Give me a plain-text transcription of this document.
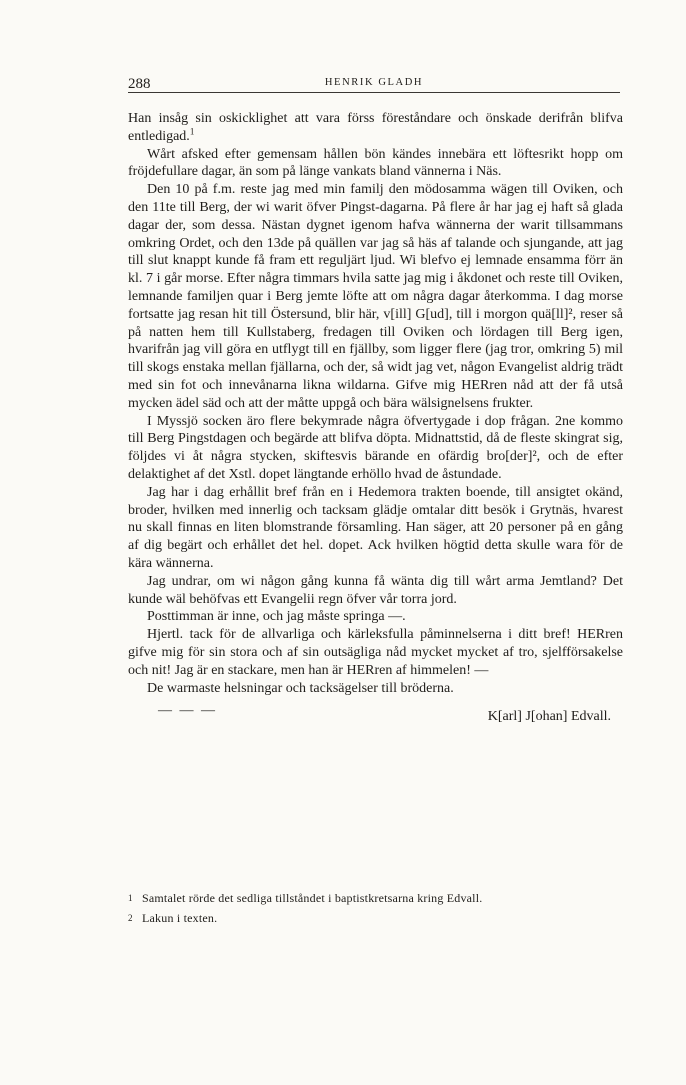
288	HENRIK GLADH

Han insåg sin oskicklighet att vara förss föreståndare och önskade derifrån blifva entledigad.$^1$

Wårt afsked efter gemensam hållen bön kändes innebära ett löftesrikt hopp om fröjdefullare dagar, än som på länge vankats bland vännerna i Näs.

Den 10 på f.m. reste jag med min familj den mödosamma wägen till Oviken, och den 11te till Berg, der wi warit öfver Pingst-dagarna. På flere år har jag ej haft så glada dagar der, som dessa. Nästan dygnet igenom hafva wännerna der warit tillsammans omkring Ordet, och den 13de på quällen var jag så häs af talande och sjungande, att jag till slut knappt kunde få fram ett reguljärt ljud. Wi blefvo ej lemnade ensamma förr än kl. 7 i går morse. Efter några timmars hvila satte jag mig i åkdonet och reste till Oviken, lemnande familjen quar i Berg jemte löfte att om några dagar återkomma. I dag morse fortsatte jag resan hit till Östersund, blir här, v[ill] G[ud], till i morgon quä[ll]², reser så på natten hem till Kullstaberg, fredagen till Oviken och lördagen till Berg igen, hvarifrån jag vill göra en utflygt till en fjällby, som ligger flere (jag tror, omkring 5) mil till skogs enstaka mellan fjällarna, och der, så widt jag vet, någon Evangelist aldrig trädt med sin fot och innevånarna likna wildarna. Gifve mig HERren nåd att der få utså mycken ädel säd och att der måtte uppgå och bära wälsignelsens frukter.

I Myssjö socken äro flere bekymrade några öfvertygade i dop frågan. 2ne kommo till Berg Pingstdagen och begärde att blifva döpta. Midnattstid, då de fleste skingrat sig, följdes vi åt några stycken, skiftesvis bärande en ofärdig bro[der]², och de efter delaktighet af det Xstl. dopet längtande erhöllo hvad de åstundade.

Jag har i dag erhållit bref från en i Hedemora trakten boende, till ansigtet okänd, broder, hvilken med innerlig och tacksam glädje omtalar ditt besök i Grytnäs, hvarest nu skall finnas en liten blomstrande församling. Han säger, att 20 personer på en gång af dig begärt och erhållet det hel. dopet. Ack hvilken högtid detta skulle wara för de kära wännerna.

Jag undrar, om wi någon gång kunna få wänta dig till wårt arma Jemtland? Det kunde wäl behöfvas ett Evangelii regn öfver vår torra jord.

Posttimman är inne, och jag måste springa —.

Hjertl. tack för de allvarliga och kärleksfulla påminnelserna i ditt bref! HERren gifve mig för sin stora och af sin outsägliga nåd mycket mycket af tro, sjelfförsakelse och nit! Jag är en stackare, men han är HERren af himmelen! —

De warmaste helsningar och tacksägelser till bröderna.

— — —	K[arl] J[ohan] Edvall.
1 Samtalet rörde det sedliga tillståndet i baptistkretsarna kring Edvall.
2 Lakun i texten.
